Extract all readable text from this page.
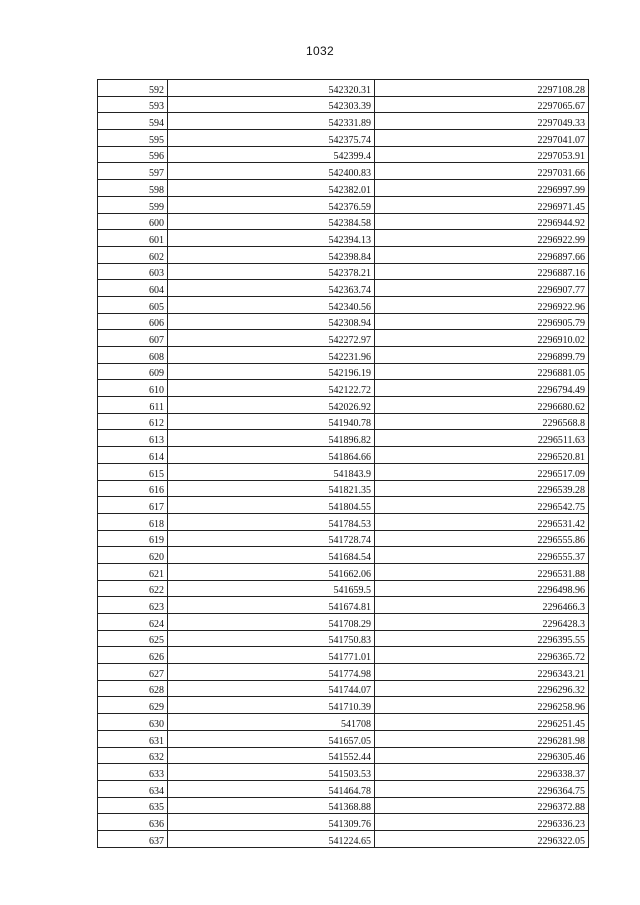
1032
592	542320.31	2297108.28
593	542303.39	2297065.67
594	542331.89	2297049.33
595	542375.74	2297041.07
596	542399.4	2297053.91
597	542400.83	2297031.66
598	542382.01	2296997.99
599	542376.59	2296971.45
600	542384.58	2296944.92
601	542394.13	2296922.99
602	542398.84	2296897.66
603	542378.21	2296887.16
604	542363.74	2296907.77
605	542340.56	2296922.96
606	542308.94	2296905.79
607	542272.97	2296910.02
608	542231.96	2296899.79
609	542196.19	2296881.05
610	542122.72	2296794.49
611	542026.92	2296680.62
612	541940.78	2296568.8
613	541896.82	2296511.63
614	541864.66	2296520.81
615	541843.9	2296517.09
616	541821.35	2296539.28
617	541804.55	2296542.75
618	541784.53	2296531.42
619	541728.74	2296555.86
620	541684.54	2296555.37
621	541662.06	2296531.88
622	541659.5	2296498.96
623	541674.81	2296466.3
624	541708.29	2296428.3
625	541750.83	2296395.55
626	541771.01	2296365.72
627	541774.98	2296343.21
628	541744.07	2296296.32
629	541710.39	2296258.96
630	541708	2296251.45
631	541657.05	2296281.98
632	541552.44	2296305.46
633	541503.53	2296338.37
634	541464.78	2296364.75
635	541368.88	2296372.88
636	541309.76	2296336.23
637	541224.65	2296322.05
